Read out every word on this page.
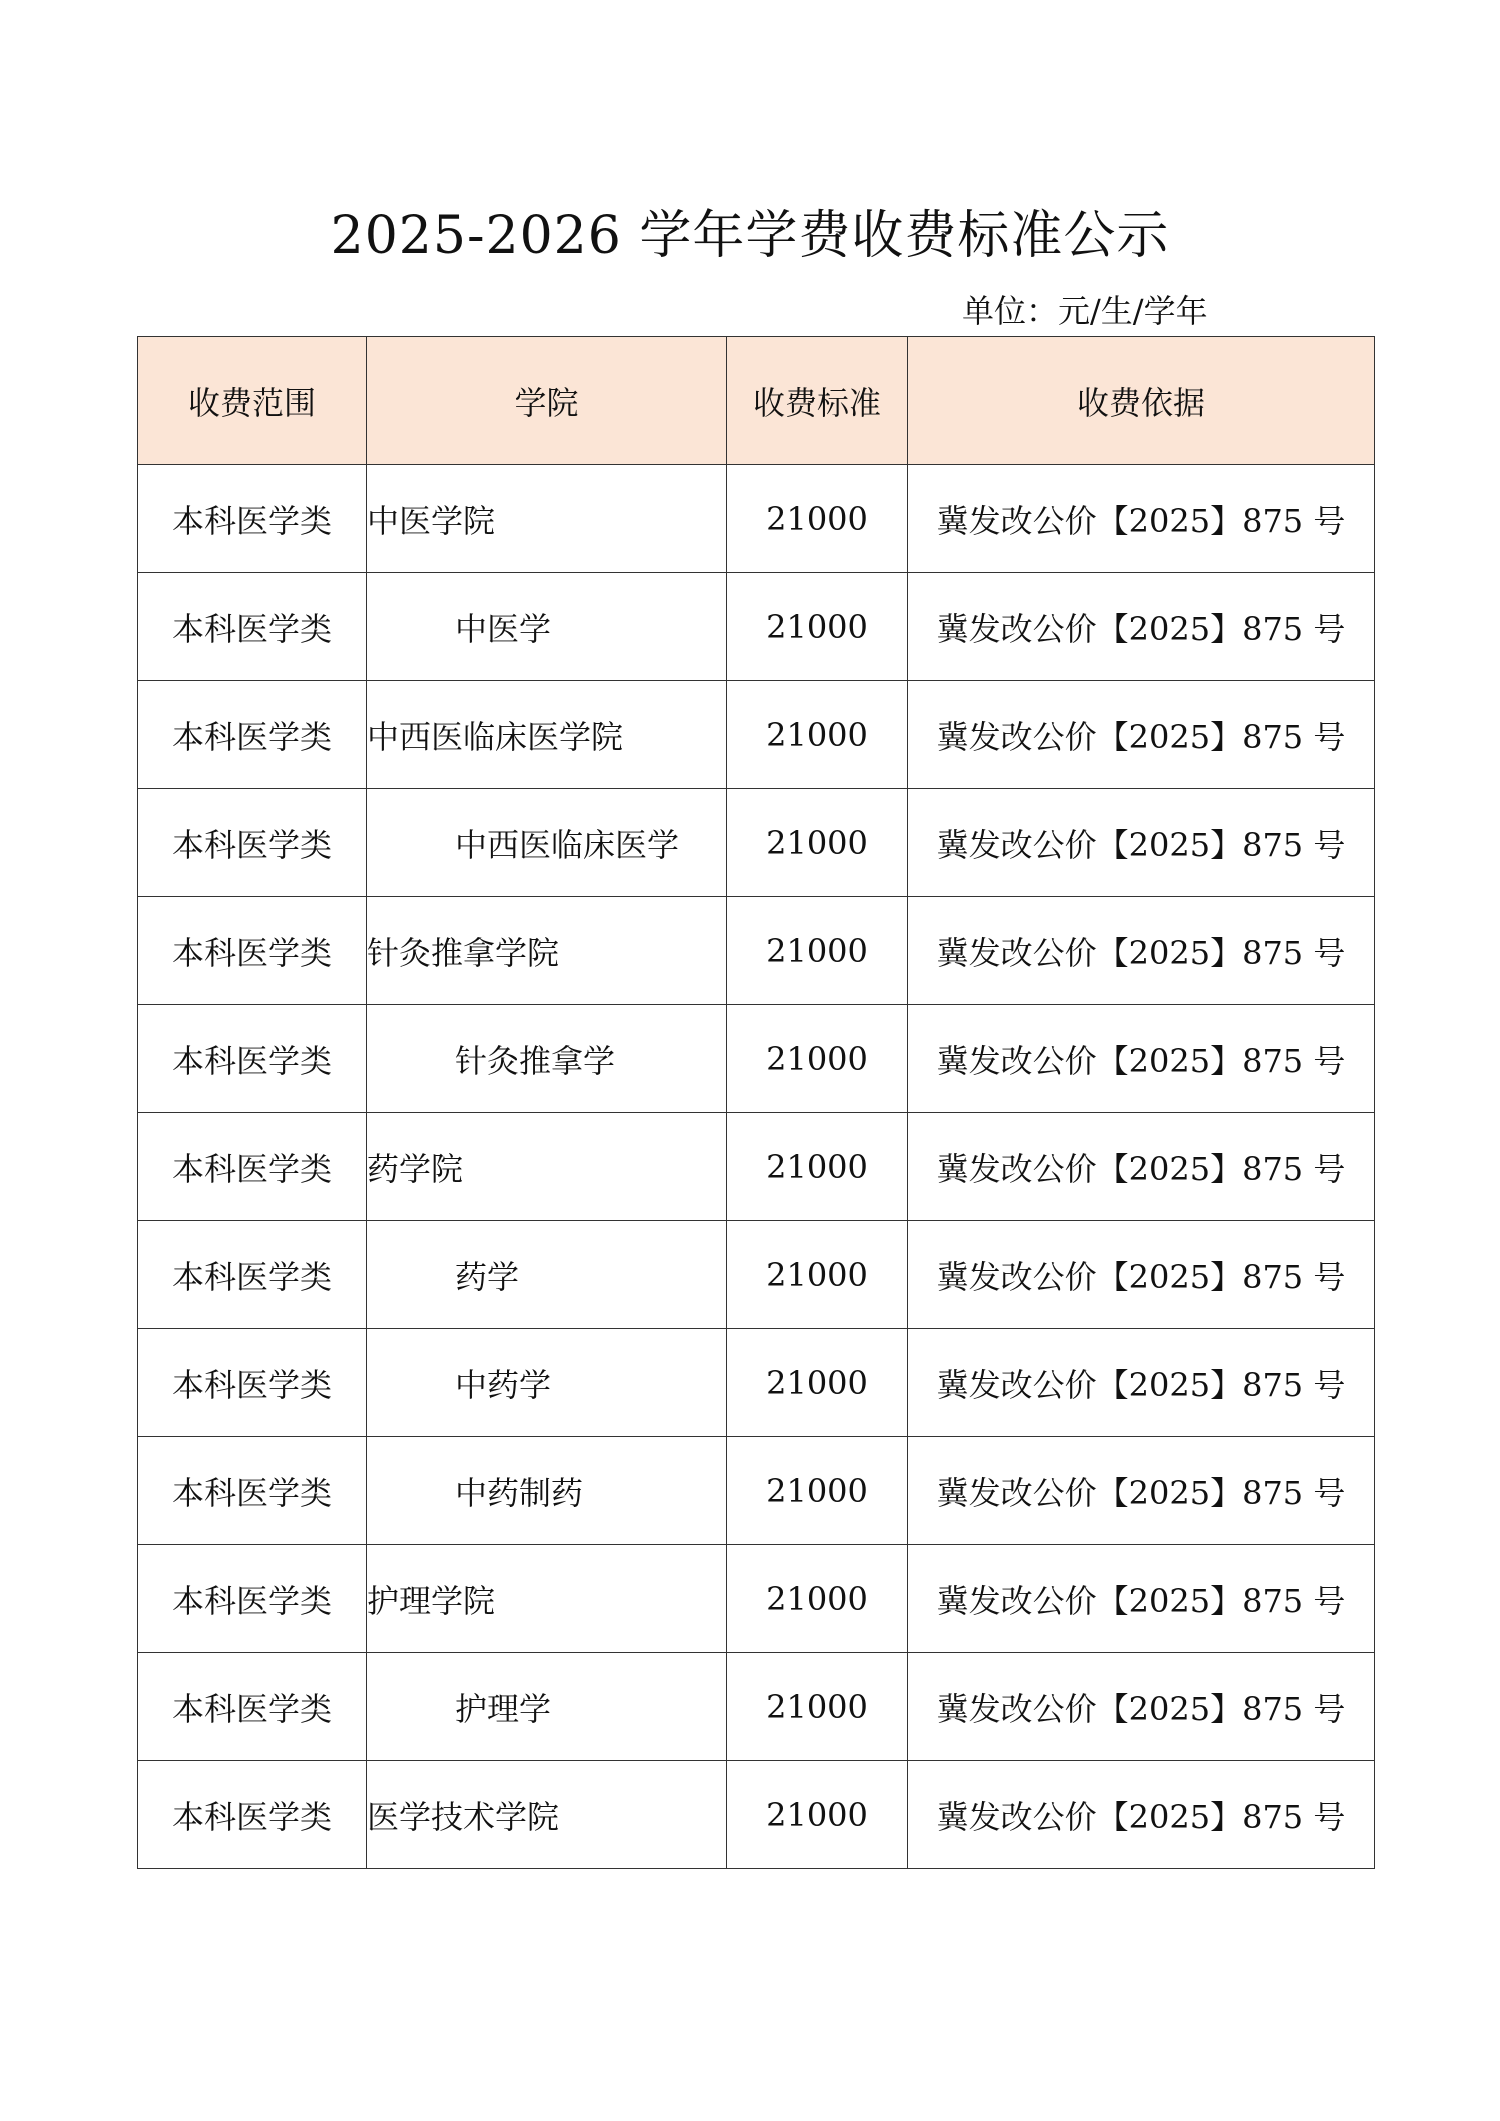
2025-2026 学年学费收费标准公示
单位：元/生/学年
收费范围	学院	收费标准	收费依据
本科医学类	中医学院	21000	冀发改公价【2025】875 号
本科医学类	中医学	21000	冀发改公价【2025】875 号
本科医学类	中西医临床医学院	21000	冀发改公价【2025】875 号
本科医学类	中西医临床医学	21000	冀发改公价【2025】875 号
本科医学类	针灸推拿学院	21000	冀发改公价【2025】875 号
本科医学类	针灸推拿学	21000	冀发改公价【2025】875 号
本科医学类	药学院	21000	冀发改公价【2025】875 号
本科医学类	药学	21000	冀发改公价【2025】875 号
本科医学类	中药学	21000	冀发改公价【2025】875 号
本科医学类	中药制药	21000	冀发改公价【2025】875 号
本科医学类	护理学院	21000	冀发改公价【2025】875 号
本科医学类	护理学	21000	冀发改公价【2025】875 号
本科医学类	医学技术学院	21000	冀发改公价【2025】875 号
